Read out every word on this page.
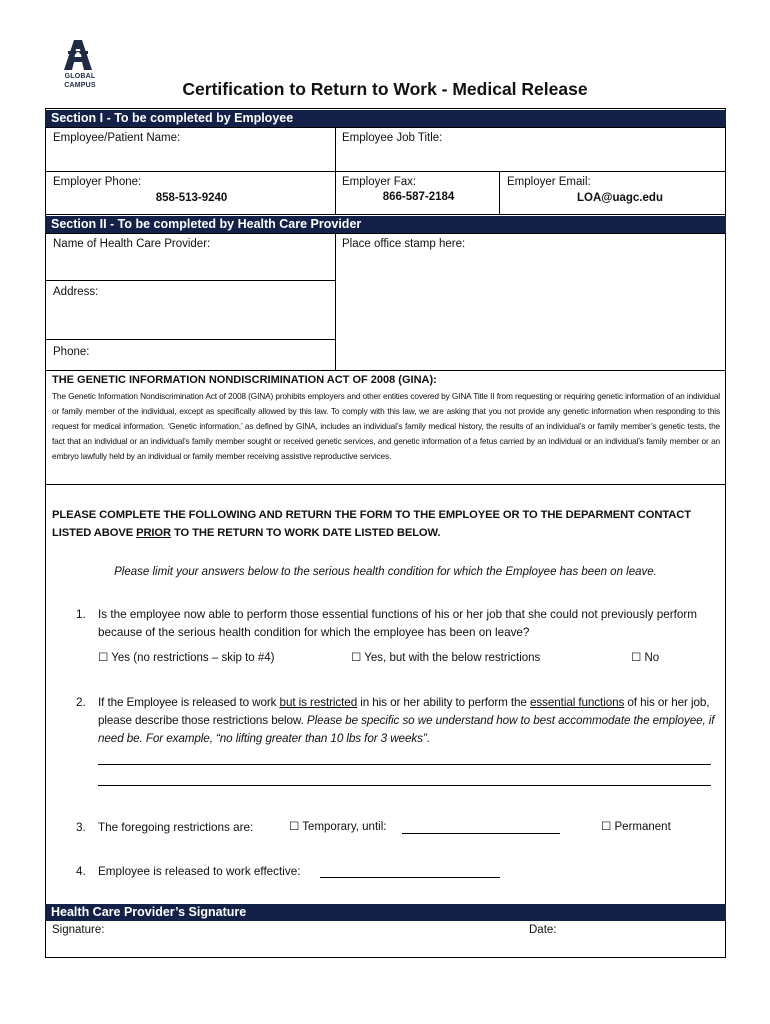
GLOBAL
CAMPUS	Certification to Return to Work - Medical Release
Section I - To be completed by Employee
Employee/Patient Name:	Employee Job Title:
Employer Phone:
858-513-9240
Employer Fax:
866-587-2184
Employer Email:
LOA@uagc.edu
Section II - To be completed by Health Care Provider
Name of Health Care Provider:	Place office stamp here:
Address:
Phone:
THE GENETIC INFORMATION NONDISCRIMINATION ACT OF 2008 (GINA):
The Genetic Information Nondiscrimination Act of 2008 (GINA) prohibits employers and other entities covered by GINA Title II from requesting or requiring genetic information of an individual or family member of the individual, except as specifically allowed by this law. To comply with this law, we are asking that you not provide any genetic information when responding to this request for medical information. ‘Genetic information,’ as defined by GINA, includes an individual’s family medical history, the results of an individual’s or family member’s genetic tests, the fact that an individual or an individual’s family member sought or received genetic services, and genetic information of a fetus carried by an individual or an individual’s family member or an embryo lawfully held by an individual or family member receiving assistive reproductive services.
PLEASE COMPLETE THE FOLLOWING AND RETURN THE FORM TO THE EMPLOYEE OR TO THE DEPARMENT CONTACT LISTED ABOVE PRIOR TO THE RETURN TO WORK DATE LISTED BELOW.
Please limit your answers below to the serious health condition for which the Employee has been on leave.
1.	Is the employee now able to perform those essential functions of his or her job that she could not previously perform because of the serious health condition for which the employee has been on leave?
☐ Yes (no restrictions – skip to #4)	☐ Yes, but with the below restrictions	☐ No
2.	If the Employee is released to work but is restricted in his or her ability to perform the essential functions of his or her job, please describe those restrictions below. Please be specific so we understand how to best accommodate the employee, if need be. For example, “no lifting greater than 10 lbs for 3 weeks”.
3.	The foregoing restrictions are:	☐ Temporary, until:	☐ Permanent
4.	Employee is released to work effective:
Health Care Provider’s Signature
Signature:	Date:
